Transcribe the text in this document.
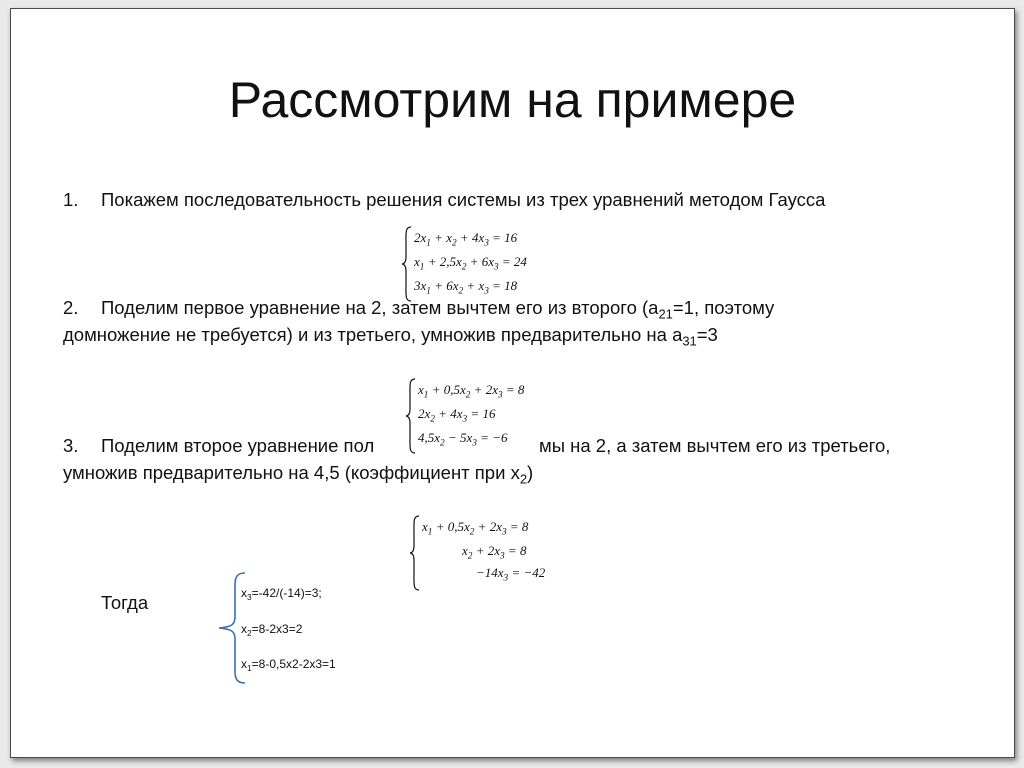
Рассмотрим на примере
1. Покажем последовательность решения системы из трех уравнений методом Гаусса
$2x_1 + x_2 + 4x_3 = 16$
$x_1 + 2,5x_2 + 6x_3 = 24$
$3x_1 + 6x_2 + x_3 = 18$
2. Поделим первое уравнение на 2, затем вычтем его из второго ($a_{21}=1$, поэтому
домножение не требуется) и из третьего, умножив предварительно на $a_{31}=3$
$x_1 + 0,5x_2 + 2x_3 = 8$
$2x_2 + 4x_3 = 16$
$4,5x_2 - 5x_3 = -6$
3. Поделим второе уравнение пол	мы на 2, а затем вычтем его из третьего,
умножив предварительно на 4,5 (коэффициент при $x_2$)
$x_1 + 0,5x_2 + 2x_3 = 8$
$x_2 + 2x_3 = 8$
$-14x_3 = -42$
Тогда	$x_3=-42/(-14)=3$;
$x_2=8-2x3=2$
$x_1=8-0,5x2-2x3=1$
